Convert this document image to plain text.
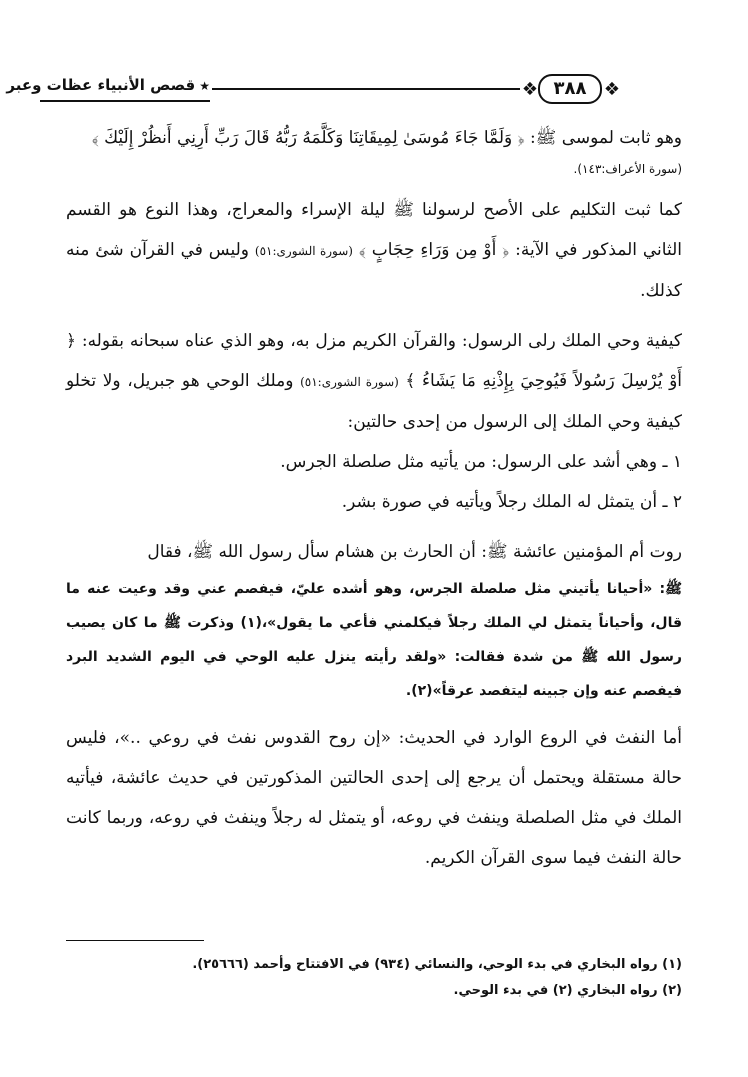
❖
٣٨٨
❖
★قصص الأنبياء عظات وعبر

وهو ثابت لموسى ﷺ: ﴿ وَلَمَّا جَاءَ مُوسَىٰ لِمِيقَاتِنَا وَكَلَّمَهُ رَبُّهُ قَالَ رَبِّ أَرِنِي أَنظُرْ إِلَيْكَ ﴾

(سورة الأعراف:١٤٣).

كما ثبت التكليم على الأصح لرسولنا ﷺ ليلة الإسراء والمعراج، وهذا النوع هو القسم الثاني المذكور في الآية: ﴿ أَوْ مِن وَرَاءِ حِجَابٍ ﴾ (سورة الشورى:٥١) وليس في القرآن شئ منه كذلك.

كيفية وحي الملك رلى الرسول: والقرآن الكريم مزل به، وهو الذي عناه سبحانه بقوله: ﴿ أَوْ يُرْسِلَ رَسُولاً فَيُوحِيَ بِإِذْنِهِ مَا يَشَاءُ ﴾ (سورة الشورى:٥١) وملك الوحي هو جبريل، ولا تخلو كيفية وحي الملك إلى الرسول من إحدى حالتين:

١ ـ وهي أشد على الرسول: من يأتيه مثل صلصلة الجرس.

٢ ـ أن يتمثل له الملك رجلاً ويأتيه في صورة بشر.

روت أم المؤمنين عائشة ﷺ: أن الحارث بن هشام سأل رسول الله ﷺ، فقال

ﷺ: «أحيانا يأتيني مثل صلصلة الجرس، وهو أشده عليّ، فيفصم عني وقد وعيت عنه ما قال، وأحياناً يتمثل لي الملك رجلاً فيكلمني فأعي ما يقول»،(١) وذكرت ﷺ ما كان يصيب رسول الله ﷺ من شدة فقالت: «ولقد رأيته ينزل عليه الوحي في اليوم الشديد البرد فيفصم عنه وإن جبينه ليتفصد عرقاً»(٢).

أما النفث في الروع الوارد في الحديث: «إن روح القدوس نفث في روعي ..»، فليس حالة مستقلة ويحتمل أن يرجع إلى إحدى الحالتين المذكورتين في حديث عائشة، فيأتيه الملك في مثل الصلصلة وينفث في روعه، أو يتمثل له رجلاً وينفث في روعه، وربما كانت حالة النفث فيما سوى القرآن الكريم.

(١) رواه البخاري في بدء الوحي، والنسائي (٩٣٤) في الافتتاح وأحمد (٢٥٦٦٦).

(٢) رواه البخاري (٢) في بدء الوحي.
